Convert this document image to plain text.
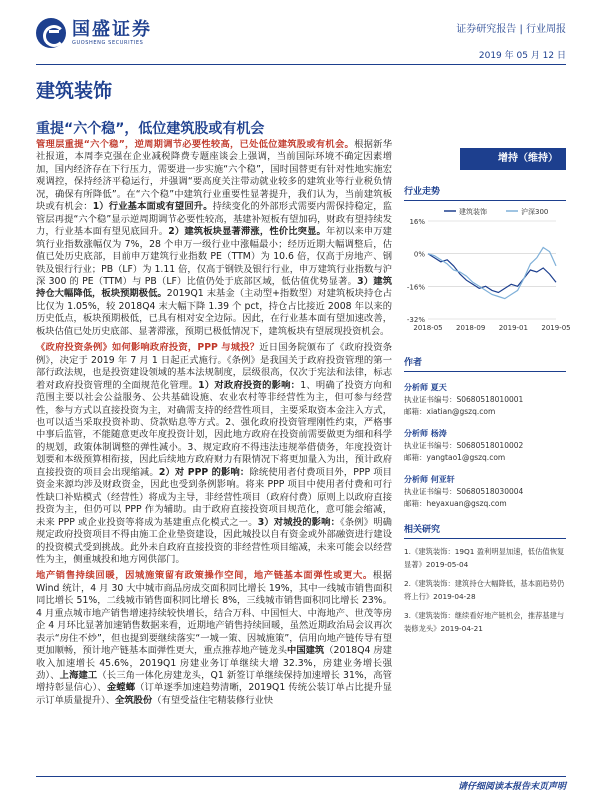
国盛证券
GUOSHENG SECURITIES
证券研究报告 | 行业周报
2019 年 05 月 12 日
建筑装饰
重提“六个稳”，低位建筑股或有机会

管理层重提“六个稳”，逆周期调节必要性较高，已处低位建筑股或有机会。根据新华社报道，本周李克强在企业减税降费专题座谈会上强调，当前国际环境不确定因素增加，国内经济存在下行压力，需要进一步实施“六个稳”，国时国替更有针对性地实施宏观调控，保持经济平稳运行，并强调“要高度关注带动就业较多的建筑业等行业税负情况，确保有所降低”。在“六个稳”中建筑行业重要性显著提升，我们认为，当前建筑板块或有机会：1）行业基本面或有望回升。持续变化的外部形式需要内需保持稳定，监管层再提“六个稳”显示逆周期调节必要性较高，基建补短板有望加码，财政有望持续发力，行业基本面有望见底回升。2）建筑板块显著滞涨，性价比突显。年初以来申万建筑行业指数涨幅仅为 7%，28 个申万一级行业中涨幅最小；经历近期大幅调整后，估值已处历史底部，目前申万建筑行业指数 PE（TTM）为 10.6 倍，仅高于房地产、钢铁及银行行业；PB（LF）为 1.11 倍，仅高于钢铁及银行行业，申万建筑行业指数与沪深 300 的 PE（TTM）与 PB（LF）比值仍处于底部区域，低估值优势显著。3）建筑持仓大幅降低，板块预期极低。2019Q1 末基金（主动型+指数型）对建筑板块持仓占比仅为 1.05%，较 2018Q4 末大幅下降 1.39 个 pct，持仓占比接近 2008 年以来的历史低点，板块预期极低，已具有相对安全边际。因此，在行业基本面有望加速改善，板块估值已处历史底部、显著滞涨，预期已极低情况下，建筑板块有望展现投资机会。

《政府投资条例》如何影响政府投资，PPP 与城投？近日国务院颁布了《政府投资条例》，决定于 2019 年 7 月 1 日起正式施行。《条例》是我国关于政府投资管理的第一部行政法规，也是投资建设领域的基本法规制度，层级很高，仅次于宪法和法律，标志着对政府投资管理的全面规范化管理。1）对政府投资的影响：1、明确了投资方向和范围主要以社会公益服务、公共基础设施、农业农村等非经营性为主，但可参与经营性，参与方式以直接投资为主，对确需支持的经营性项目，主要采取资本金注入方式，也可以适当采取投资补助、贷款贴息等方式。2、强化政府投资管理刚性约束，严格事中事后监管，不能随意更改年度投资计划，因此地方政府在投资前需要做更为细和科学的规划，政策体制调整的弹性减小。3、规定政府不得违法违规举借债务，年度投资计划要和本级预算相衔接，因此后续地方政府财力有限情况下将更加量入为出，预计政府直接投资的项目会出现缩减。2）对 PPP 的影响：除统使用者付费项目外，PPP 项目资金来源均涉及财政资金，因此也受到条例影响。将来 PPP 项目中使用者付费和可行性缺口补贴模式（经营性）将成为主导，非经营性项目（政府付费）原则上以政府直接投资为主，但仍可以 PPP 作为辅助。由于政府直接投资项目规范化，意可能会缩减，未来 PPP 或企业投资等将成为基建重点化模式之一。3）对城投的影响：《条例》明确规定政府投资项目不得由施工企业垫资建设，因此城投以自有资金或外部融资进行建设的投资模式受到挑战。此外未自政府直接投资的非经营性项目缩减，未来可能会以经营性为主，侧重城投和地方网供部门。

地产销售持续回暖，因城施策留有政策操作空间，地产链基本面弹性或更大。根据 Wind 统计，4 月 30 大中城市商品房成交面积同比增长 19%，其中一线城市销售面积同比增长 51%，二线城市销售面积同比增长 8%，三线城市销售面积同比增长 23%。4 月重点城市地产销售增速持续较快增长，结合万科、中国恒大、中海地产、世茂等房企 4 月环比显著加速销售数据来看，近期地产销售持续回暖，虽然近期政治局会议再次表示“房住不炒”，但也提到要继续落实“一城一策、因城施策”，信用向地产链传导有望更加顺畅，预计地产链基本面弹性更大，重点推荐地产链龙头中国建筑（2018Q4 房建收入加速增长 45.6%，2019Q1 房建业务订单继续大增 32.3%，房建业务增长强劲）、上海建工（长三角一体化房建龙头，Q1 新签订单继续保持加速增长 31%，高管增持彰显信心）、金螳螂（订单逐季加速趋势清晰，2019Q1 传统公装订单占比提升显示订单质量提升）、全筑股份（有望受益住宅精装修行业快

增持（维持）
行业走势
16%
0%
-16%
-32%
2018-05 2018-09 2019-01 2019-05
建筑装饰	沪深300
作者
分析师 夏天
执业证书编号：S0680518010001
邮箱：xiatian@gszq.com
分析师 杨涛
执业证书编号：S0680518010002
邮箱：yangtao1@gszq.com
分析师 何亚轩
执业证书编号：S0680518030004
邮箱：heyaxuan@gszq.com
相关研究
1.《建筑装饰：19Q1 盈利明显加速，低估值恢复显著》2019-05-04
2.《建筑装饰：建筑持仓大幅降低，基本面趋势仍将上行》2019-04-28
3.《建筑装饰：继续看好地产链机会，推荐基建与装修龙头》2019-04-21
请仔细阅读本报告末页声明
